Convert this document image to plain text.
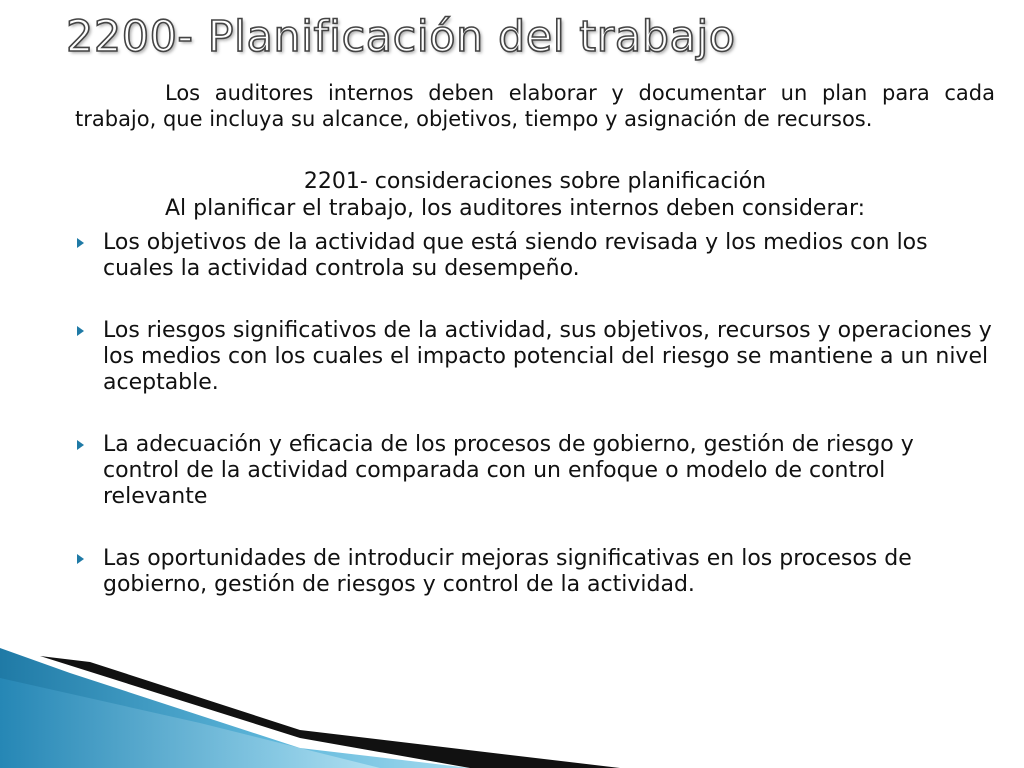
2200- Planificación del trabajo

Los auditores internos deben elaborar y documentar un plan para cada trabajo, que incluya su alcance, objetivos, tiempo y asignación de recursos.

2201- consideraciones sobre planificación

Al planificar el trabajo, los auditores internos deben considerar:

Los objetivos de la actividad que está siendo revisada y los medios con los cuales la actividad controla su desempeño.
Los riesgos significativos de la actividad, sus objetivos, recursos y operaciones y los medios con los cuales el impacto potencial del riesgo se mantiene a un nivel aceptable.
La adecuación y eficacia de los procesos de gobierno, gestión de riesgo y control de la actividad comparada con un enfoque o modelo de control relevante
Las oportunidades de introducir mejoras significativas en los procesos de gobierno, gestión de riesgos y control de la actividad.
